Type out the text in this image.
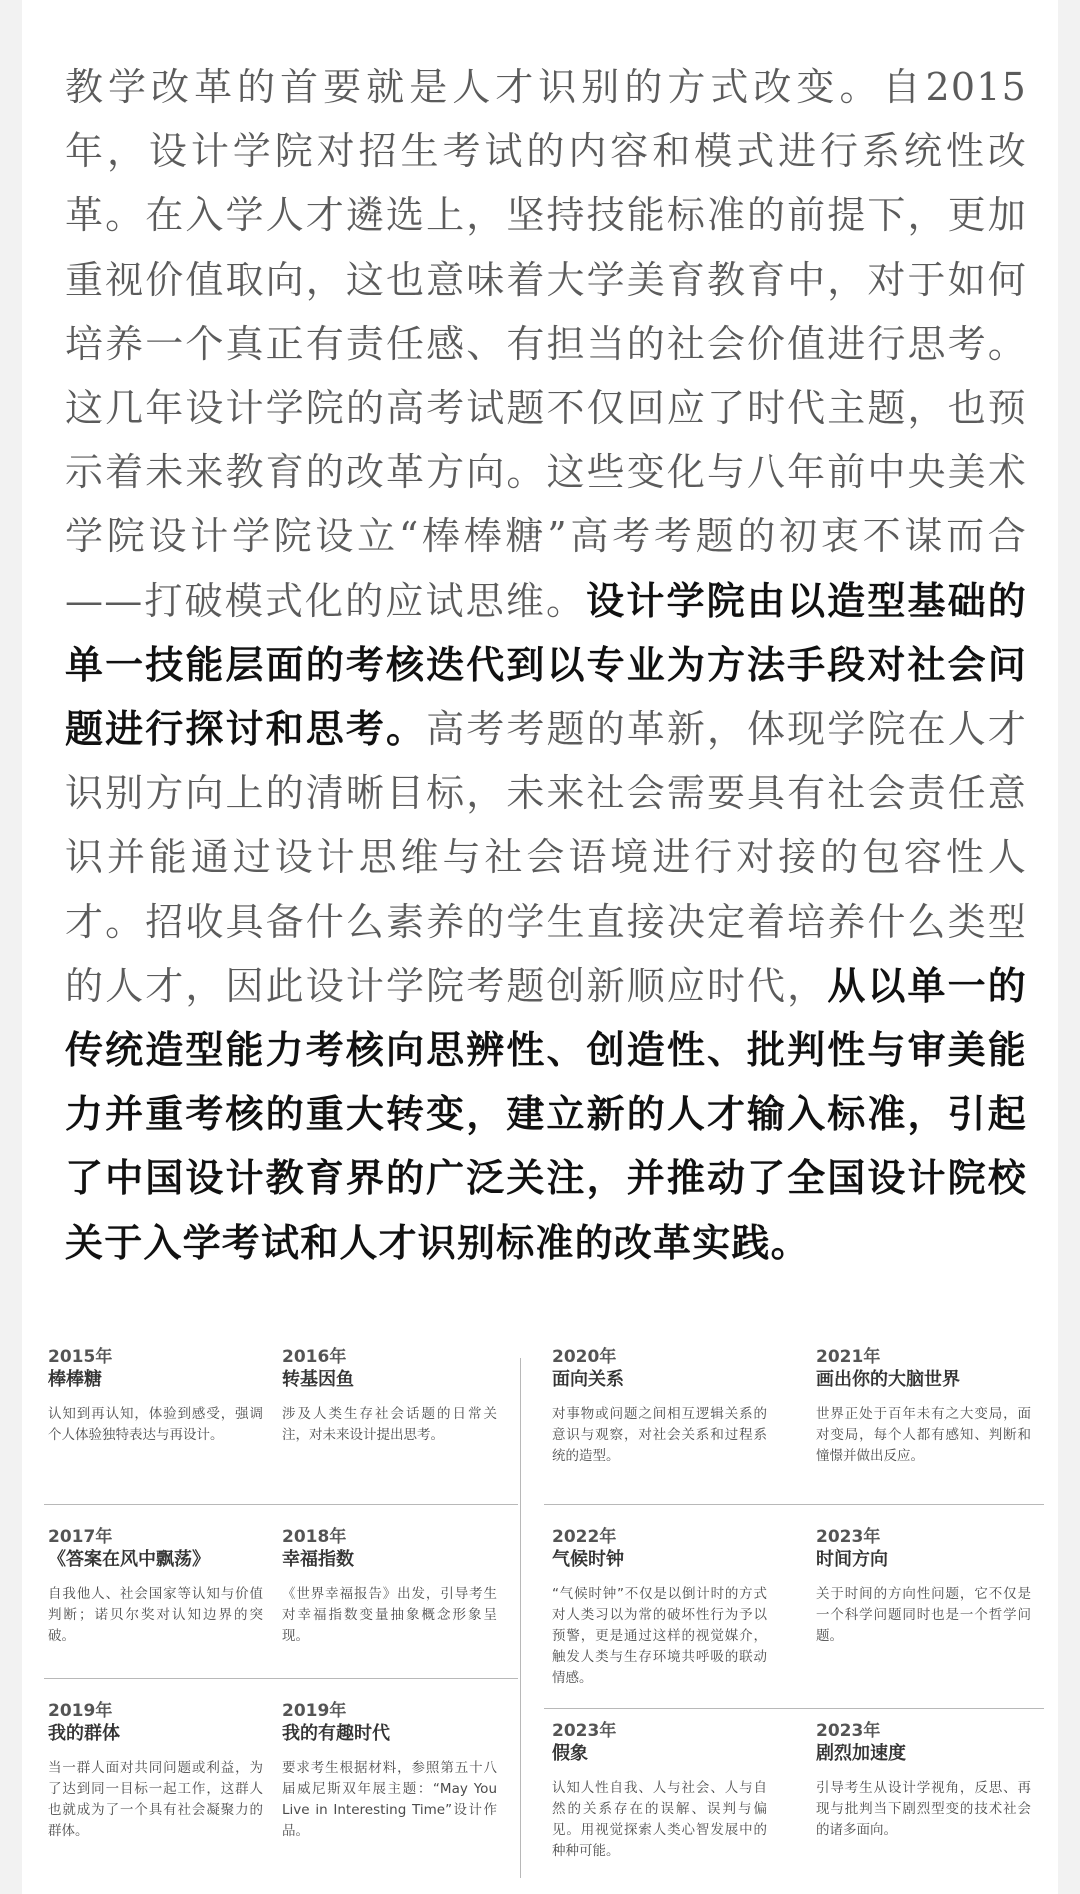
教学改革的首要就是人才识别的方式改变。自2015年，设计学院对招生考试的内容和模式进行系统性改革。在入学人才遴选上，坚持技能标准的前提下，更加重视价值取向，这也意味着大学美育教育中，对于如何培养一个真正有责任感、有担当的社会价值进行思考。这几年设计学院的高考试题不仅回应了时代主题，也预示着未来教育的改革方向。这些变化与八年前中央美术学院设计学院设立“棒棒糖”高考考题的初衷不谋而合——打破模式化的应试思维。设计学院由以造型基础的单一技能层面的考核迭代到以专业为方法手段对社会问题进行探讨和思考。高考考题的革新，体现学院在人才识别方向上的清晰目标，未来社会需要具有社会责任意识并能通过设计思维与社会语境进行对接的包容性人才。招收具备什么素养的学生直接决定着培养什么类型的人才，因此设计学院考题创新顺应时代，从以单一的传统造型能力考核向思辨性、创造性、批判性与审美能力并重考核的重大转变，建立新的人才输入标准，引起了中国设计教育界的广泛关注，并推动了全国设计院校关于入学考试和人才识别标准的改革实践。

2015年
棒棒糖
认知到再认知，体验到感受，强调个人体验独特表达与再设计。
2016年
转基因鱼
涉及人类生存社会话题的日常关注，对未来设计提出思考。
2017年
《答案在风中飘荡》
自我他人、社会国家等认知与价值判断；诺贝尔奖对认知边界的突破。
2018年
幸福指数
《世界幸福报告》出发，引导考生对幸福指数变量抽象概念形象呈现。
2019年
我的群体
当一群人面对共同问题或利益，为了达到同一目标一起工作，这群人也就成为了一个具有社会凝聚力的群体。
2019年
我的有趣时代
要求考生根据材料，参照第五十八届威尼斯双年展主题：“May You Live in Interesting Time”设计作品。
2020年
面向关系
对事物或问题之间相互逻辑关系的意识与观察，对社会关系和过程系统的造型。
2021年
画出你的大脑世界
世界正处于百年未有之大变局，面对变局，每个人都有感知、判断和憧憬并做出反应。
2022年
气候时钟
“气候时钟”不仅是以倒计时的方式对人类习以为常的破坏性行为予以预警，更是通过这样的视觉媒介，触发人类与生存环境共呼吸的联动情感。
2023年
时间方向
关于时间的方向性问题，它不仅是一个科学问题同时也是一个哲学问题。
2023年
假象
认知人性自我、人与社会、人与自然的关系存在的误解、误判与偏见。用视觉探索人类心智发展中的种种可能。
2023年
剧烈加速度
引导考生从设计学视角，反思、再现与批判当下剧烈型变的技术社会的诸多面向。
